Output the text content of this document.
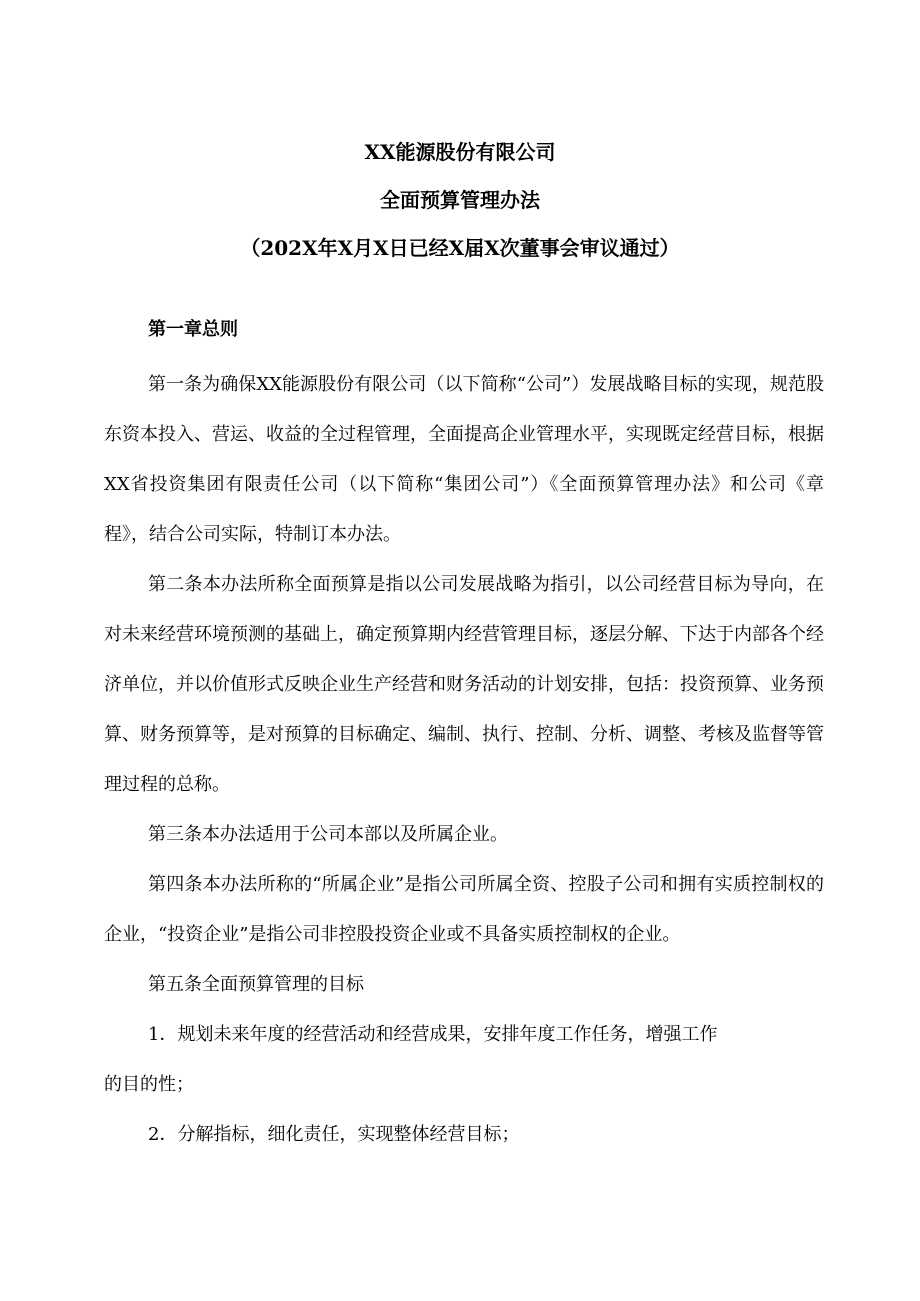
XX能源股份有限公司
全面预算管理办法
（202X年X月X日已经X届X次董事会审议通过）
第一章总则

第一条为确保XX能源股份有限公司（以下简称“公司”）发展战略目标的实现，规范股东资本投入、营运、收益的全过程管理，全面提高企业管理水平，实现既定经营目标，根据XX省投资集团有限责任公司（以下简称“集团公司”）《全面预算管理办法》和公司《章程》，结合公司实际，特制订本办法。

第二条本办法所称全面预算是指以公司发展战略为指引，以公司经营目标为导向，在对未来经营环境预测的基础上，确定预算期内经营管理目标，逐层分解、下达于内部各个经济单位，并以价值形式反映企业生产经营和财务活动的计划安排，包括：投资预算、业务预算、财务预算等，是对预算的目标确定、编制、执行、控制、分析、调整、考核及监督等管理过程的总称。

第三条本办法适用于公司本部以及所属企业。

第四条本办法所称的“所属企业”是指公司所属全资、控股子公司和拥有实质控制权的企业，“投资企业”是指公司非控股投资企业或不具备实质控制权的企业。

第五条全面预算管理的目标

1．规划未来年度的经营活动和经营成果，安排年度工作任务，增强工作
的目的性；
2．分解指标，细化责任，实现整体经营目标；
